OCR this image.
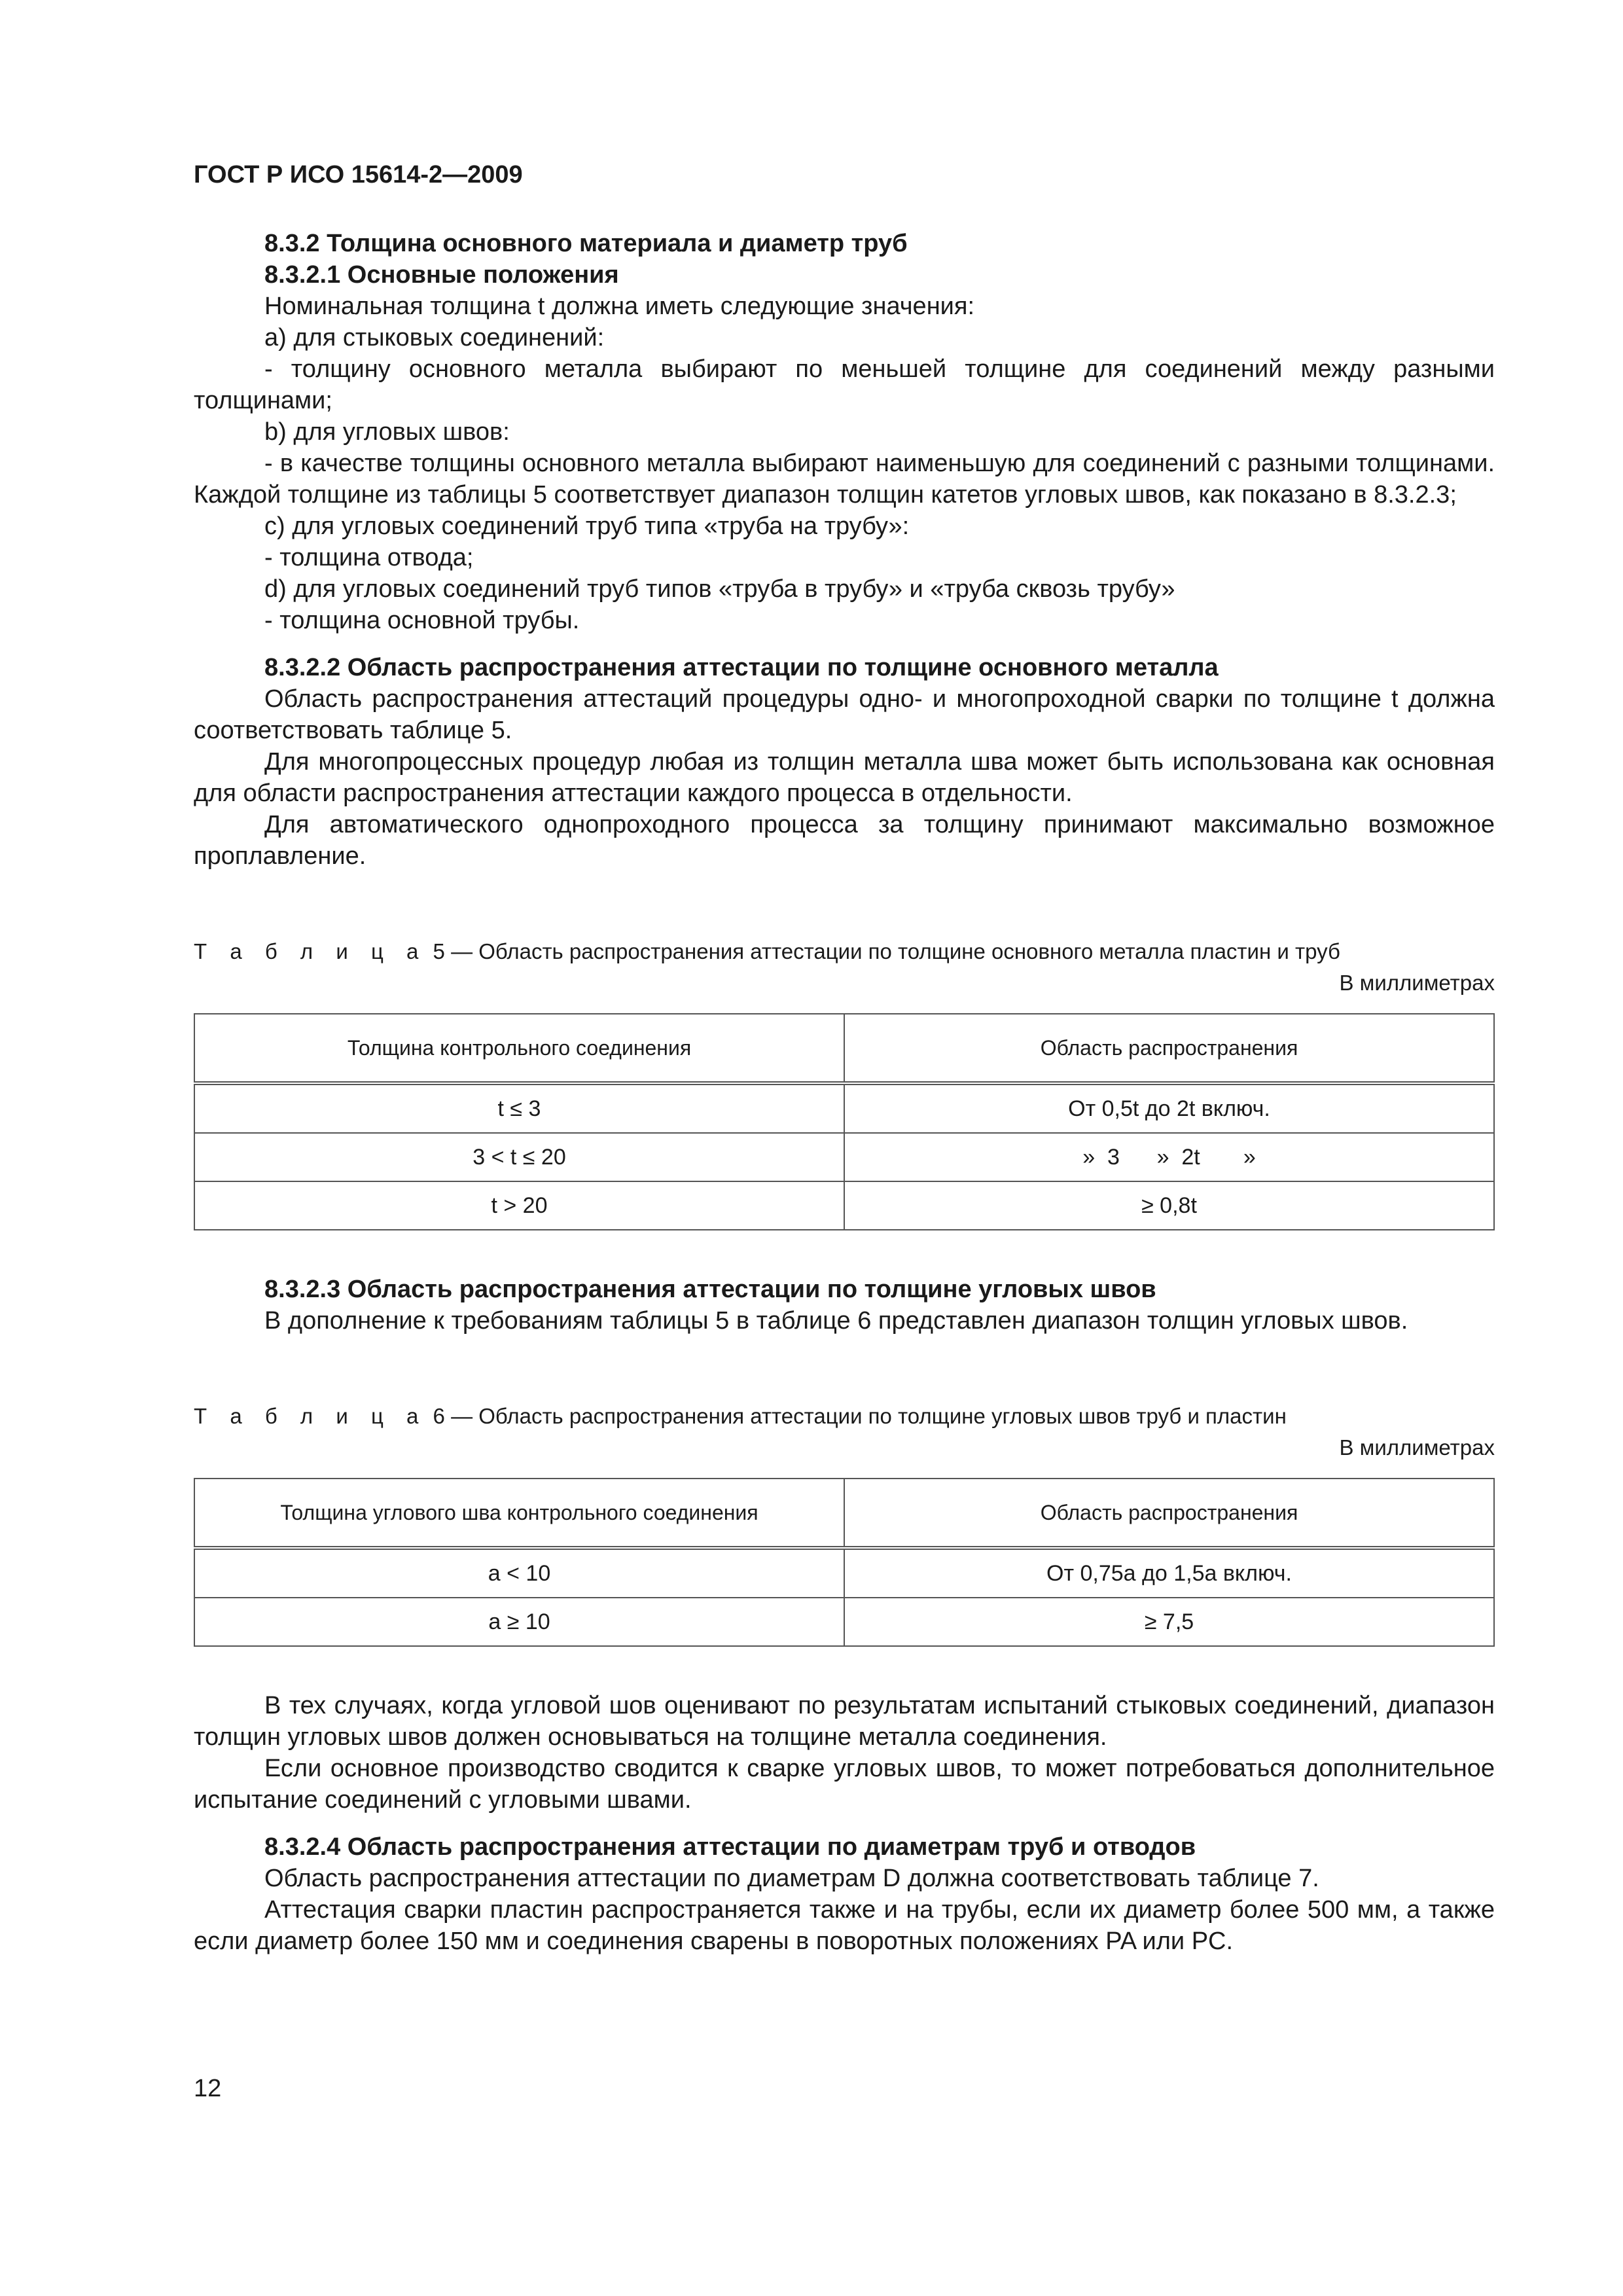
ГОСТ Р ИСО 15614-2—2009

8.3.2 Толщина основного материала и диаметр труб

8.3.2.1 Основные положения

Номинальная толщина t должна иметь следующие значения:

a) для стыковых соединений:

- толщину основного металла выбирают по меньшей толщине для соединений между разными толщинами;

b) для угловых швов:

- в качестве толщины основного металла выбирают наименьшую для соединений с разными толщинами. Каждой толщине из таблицы 5 соответствует диапазон толщин катетов угловых швов, как показано в 8.3.2.3;

c) для угловых соединений труб типа «труба на трубу»:

- толщина отвода;

d) для угловых соединений труб типов «труба в трубу» и «труба сквозь трубу»

- толщина основной трубы.

8.3.2.2 Область распространения аттестации по толщине основного металла

Область распространения аттестаций процедуры одно- и многопроходной сварки по толщине t должна соответствовать таблице 5.

Для многопроцессных процедур любая из толщин металла шва может быть использована как основная для области распространения аттестации каждого процесса в отдельности.

Для автоматического однопроходного процесса за толщину принимают максимально возможное проплавление.

Т а б л и ц а 5 — Область распространения аттестации по толщине основного металла пластин и труб

В миллиметрах

Толщина контрольного соединения	Область распространения
t ≤ 3	От 0,5t до 2t включ.
3 < t ≤ 20	»  3      »  2t       »
t > 20	≥ 0,8t

8.3.2.3 Область распространения аттестации по толщине угловых швов

В дополнение к требованиям таблицы 5 в таблице 6 представлен диапазон толщин угловых швов.

Т а б л и ц а 6 — Область распространения аттестации по толщине угловых швов труб и пластин

В миллиметрах

Толщина углового шва контрольного соединения	Область распространения
a < 10	От 0,75a до 1,5a включ.
a ≥ 10	≥ 7,5

В тех случаях, когда угловой шов оценивают по результатам испытаний стыковых соединений, диапазон толщин угловых швов должен основываться на толщине металла соединения.

Если основное производство сводится к сварке угловых швов, то может потребоваться дополнительное испытание соединений с угловыми швами.

8.3.2.4 Область распространения аттестации по диаметрам труб и отводов

Область распространения аттестации по диаметрам D должна соответствовать таблице 7.

Аттестация сварки пластин распространяется также и на трубы, если их диаметр более 500 мм, а также если диаметр более 150 мм и соединения сварены в поворотных положениях PA или PC.

12
